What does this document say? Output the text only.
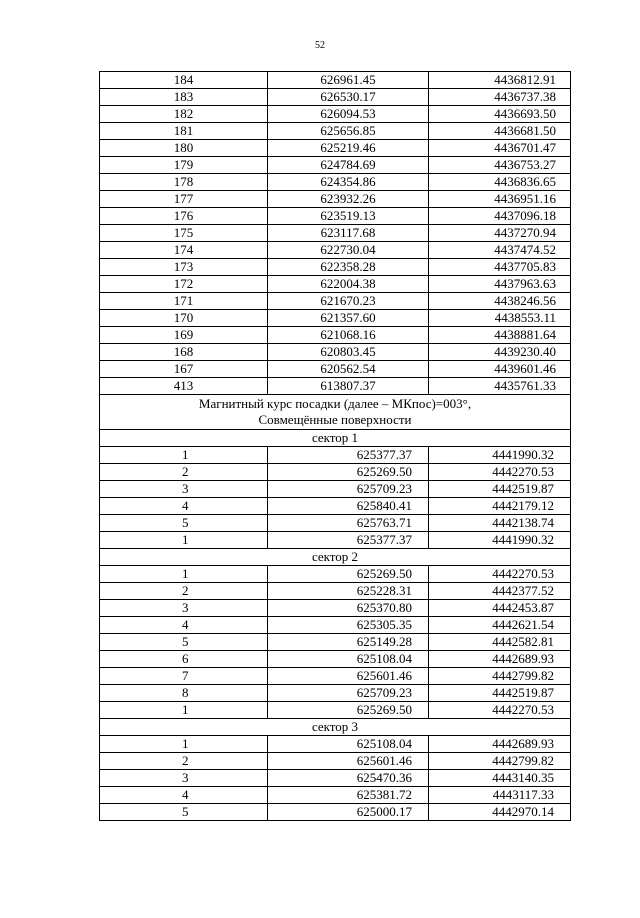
52
184	626961.45	4436812.91
183	626530.17	4436737.38
182	626094.53	4436693.50
181	625656.85	4436681.50
180	625219.46	4436701.47
179	624784.69	4436753.27
178	624354.86	4436836.65
177	623932.26	4436951.16
176	623519.13	4437096.18
175	623117.68	4437270.94
174	622730.04	4437474.52
173	622358.28	4437705.83
172	622004.38	4437963.63
171	621670.23	4438246.56
170	621357.60	4438553.11
169	621068.16	4438881.64
168	620803.45	4439230.40
167	620562.54	4439601.46
413	613807.37	4435761.33

Магнитный курс посадки (далее – МКпос)=003°,
Совмещённые поверхности		

сектор 1		
1	625377.37	4441990.32
2	625269.50	4442270.53
3	625709.23	4442519.87
4	625840.41	4442179.12
5	625763.71	4442138.74
1	625377.37	4441990.32
сектор 2		
1	625269.50	4442270.53
2	625228.31	4442377.52
3	625370.80	4442453.87
4	625305.35	4442621.54
5	625149.28	4442582.81
6	625108.04	4442689.93
7	625601.46	4442799.82
8	625709.23	4442519.87
1	625269.50	4442270.53
сектор 3		
1	625108.04	4442689.93
2	625601.46	4442799.82
3	625470.36	4443140.35
4	625381.72	4443117.33
5	625000.17	4442970.14
